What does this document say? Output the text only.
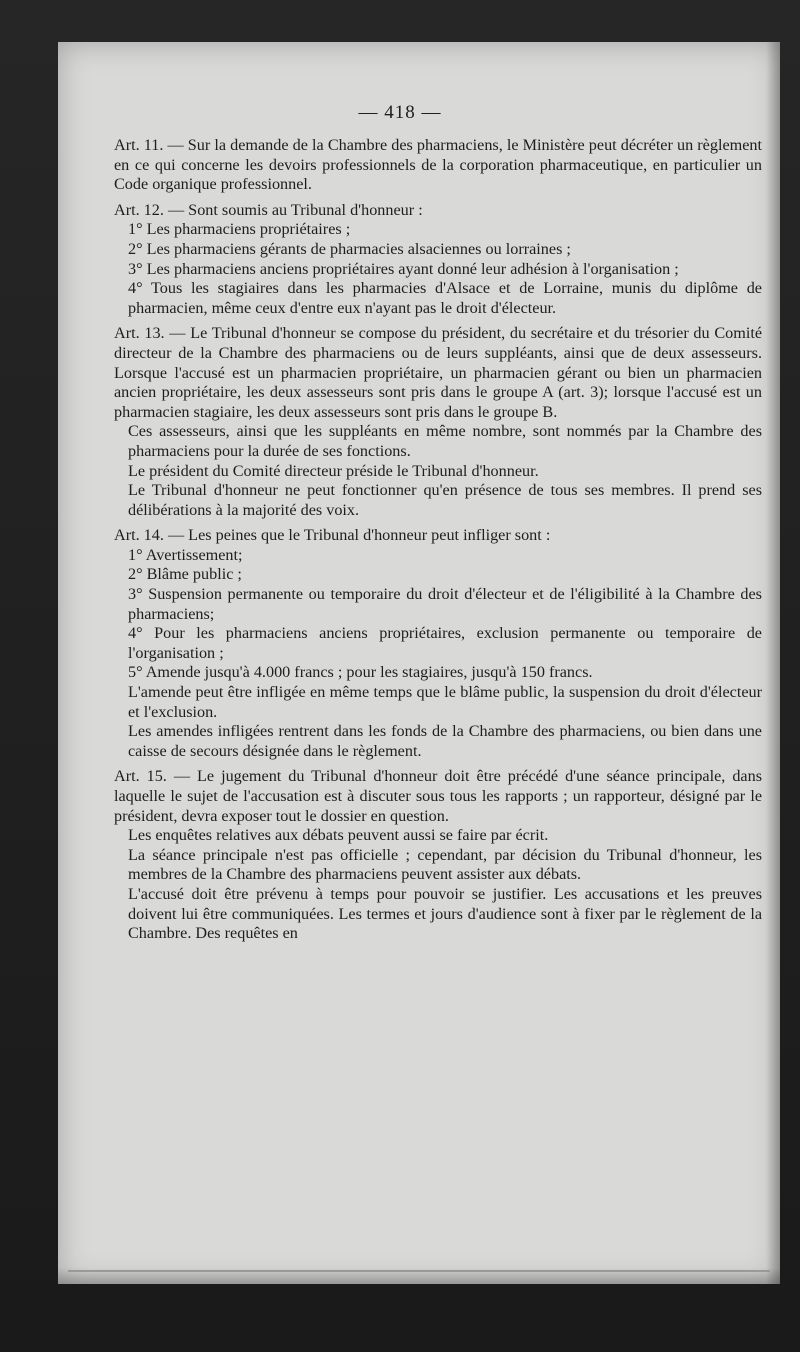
— 418 —

Art. 11. — Sur la demande de la Chambre des pharmaciens, le Ministère peut décréter un règlement en ce qui concerne les devoirs professionnels de la corporation pharmaceutique, en particulier un Code organique professionnel.

Art. 12. — Sont soumis au Tribunal d'honneur :

1° Les pharmaciens propriétaires ;

2° Les pharmaciens gérants de pharmacies alsaciennes ou lorraines ;

3° Les pharmaciens anciens propriétaires ayant donné leur adhésion à l'organisation ;

4° Tous les stagiaires dans les pharmacies d'Alsace et de Lorraine, munis du diplôme de pharmacien, même ceux d'entre eux n'ayant pas le droit d'électeur.

Art. 13. — Le Tribunal d'honneur se compose du président, du secrétaire et du trésorier du Comité directeur de la Chambre des pharmaciens ou de leurs suppléants, ainsi que de deux assesseurs. Lorsque l'accusé est un pharmacien propriétaire, un pharmacien gérant ou bien un pharmacien ancien propriétaire, les deux assesseurs sont pris dans le groupe A (art. 3); lorsque l'accusé est un pharmacien stagiaire, les deux assesseurs sont pris dans le groupe B.

Ces assesseurs, ainsi que les suppléants en même nombre, sont nommés par la Chambre des pharmaciens pour la durée de ses fonctions.

Le président du Comité directeur préside le Tribunal d'honneur.

Le Tribunal d'honneur ne peut fonctionner qu'en présence de tous ses membres. Il prend ses délibérations à la majorité des voix.

Art. 14. — Les peines que le Tribunal d'honneur peut infliger sont :

1° Avertissement;

2° Blâme public ;

3° Suspension permanente ou temporaire du droit d'électeur et de l'éligibilité à la Chambre des pharmaciens;

4° Pour les pharmaciens anciens propriétaires, exclusion permanente ou temporaire de l'organisation ;

5° Amende jusqu'à 4.000 francs ; pour les stagiaires, jusqu'à 150 francs.

L'amende peut être infligée en même temps que le blâme public, la suspension du droit d'électeur et l'exclusion.

Les amendes infligées rentrent dans les fonds de la Chambre des pharmaciens, ou bien dans une caisse de secours désignée dans le règlement.

Art. 15. — Le jugement du Tribunal d'honneur doit être précédé d'une séance principale, dans laquelle le sujet de l'accusation est à discuter sous tous les rapports ; un rapporteur, désigné par le président, devra exposer tout le dossier en question.

Les enquêtes relatives aux débats peuvent aussi se faire par écrit.

La séance principale n'est pas officielle ; cependant, par décision du Tribunal d'honneur, les membres de la Chambre des pharmaciens peuvent assister aux débats.

L'accusé doit être prévenu à temps pour pouvoir se justifier. Les accusations et les preuves doivent lui être communiquées. Les termes et jours d'audience sont à fixer par le règlement de la Chambre. Des requêtes en
